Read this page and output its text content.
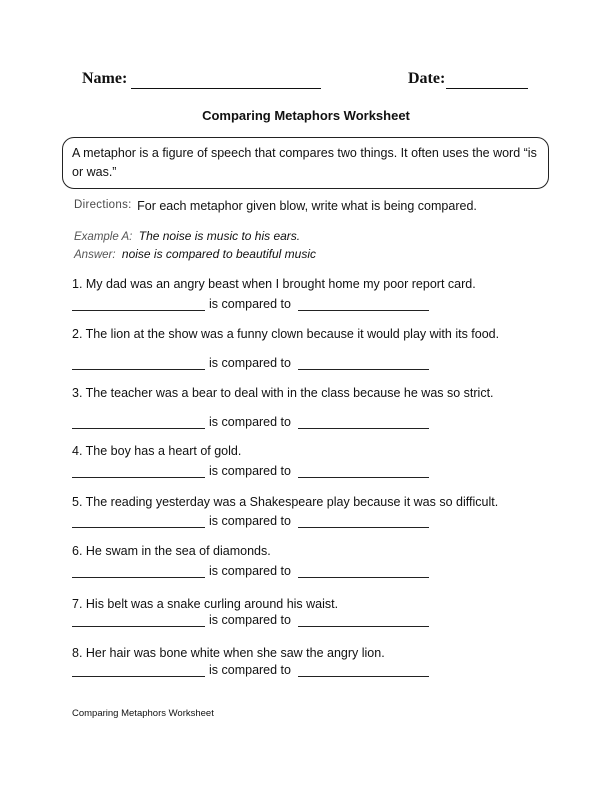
Name:	Date:
Comparing Metaphors Worksheet
A metaphor is a figure of speech that compares two things. It often uses the word “is or was.”
Directions: For each metaphor given blow, write what is being compared.
Example A: The noise is music to his ears.
Answer: noise is compared to beautiful music
1. My dad was an angry beast when I brought home my poor report card.
is compared to
2. The lion at the show was a funny clown because it would play with its food.
is compared to
3. The teacher was a bear to deal with in the class because he was so strict.
is compared to
4. The boy has a heart of gold.
is compared to
5. The reading yesterday was a Shakespeare play because it was so difficult.
is compared to
6. He swam in the sea of diamonds.
is compared to
7. His belt was a snake curling around his waist.
is compared to
8. Her hair was bone white when she saw the angry lion.
is compared to
Comparing Metaphors Worksheet
